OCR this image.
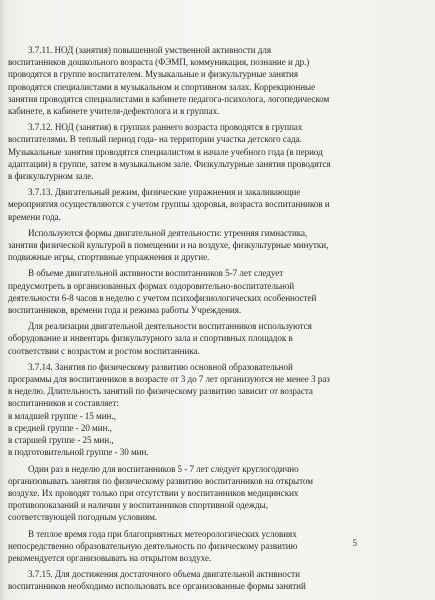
3.7.11. НОД (занятия) повышенной умственной активности для
воспитанников дошкольного возраста (ФЭМП, коммуникация, познание и др.)
проводятся в группе воспитателем. Музыкальные и физкультурные занятия
проводятся специалистами в музыкальном и спортивном залах. Коррекционные
занятия проводятся специалистами в кабинете педагога-психолога, логопедическом
кабинете, в кабинете учителя-дефектолога и в группах.
3.7.12. НОД (занятия) в группах раннего возраста проводятся в группах
воспитателями. В теплый период года- на территории участка детского сада.
Музыкальные занятия проводятся специалистом в начале учебного года (в период
адаптации) в группе, затем в музыкальном зале. Физкультурные занятия проводятся
в физкультурном зале.
3.7.13. Двигательный режим, физические упражнения и закаливающие
мероприятия осуществляются с учетом группы здоровья, возраста воспитанников и
времени года.
Используются формы двигательной деятельности: утренняя гимнастика,
занятия физической культурой в помещении и на воздухе, физкультурные минутки,
подвижные игры, спортивные упражнения и другие.
В объеме двигательной активности воспитанников 5-7 лет следует
предусмотреть в организованных формах оздоровительно-воспитательной
деятельности 6-8 часов в неделю с учетом психофизиологических особенностей
воспитанников, времени года и режима работы Учреждения.
Для реализации двигательной деятельности воспитанников используются
оборудование и инвентарь физкультурного зала и спортивных площадок в
соответствии с возрастом и ростом воспитанника.
3.7.14. Занятия по физическому развитию основной образовательной
программы для воспитанников в возрасте от 3 до 7 лет организуются не менее 3 раз
в неделю. Длительность занятий по физическому развитию зависит от возраста
воспитанников и составляет:
в младшей группе - 15 мин.,
в средней группе - 20 мин.,
в старшей группе - 25 мин.,
в подготовительной группе - 30 мин.
Один раз в неделю для воспитанников 5 - 7 лет следует круглогодично
организовывать занятия по физическому развитию воспитанников на открытом
воздухе. Их проводят только при отсутствии у воспитанников медицинских
противопоказаний и наличии у воспитанников спортивной одежды,
соответствующей погодным условиям.
В теплое время года при благоприятных метеорологических условиях
непосредственно образовательную деятельность по физическому развитию
рекомендуется организовывать на открытом воздухе.
3.7.15. Для достижения достаточного объема двигательной активности
воспитанников необходимо использовать все организованные формы занятий
5
